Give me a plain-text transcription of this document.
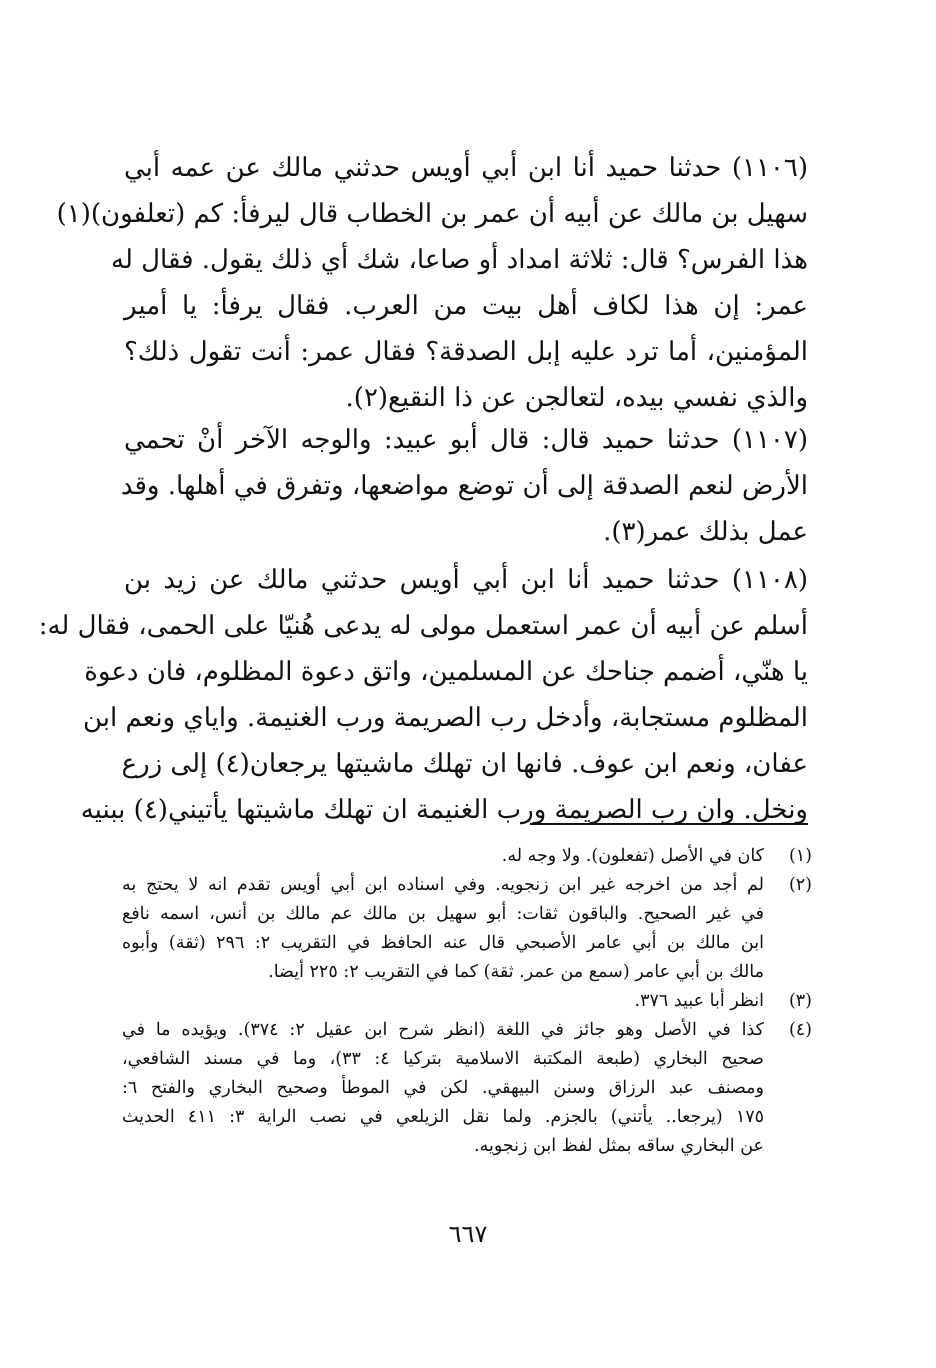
(١١٠٦) حدثنا حميد أنا ابن أبي أويس حدثني مالك عن عمه أبي
سهيل بن مالك عن أبيه أن عمر بن الخطاب قال ليرفأ: كم (تعلفون)(١)
هذا الفرس؟ قال: ثلاثة امداد أو صاعا، شك أي ذلك يقول. فقال له
عمر: إن هذا لكاف أهل بيت من العرب. فقال يرفأ: يا أمير
المؤمنين، أما ترد عليه إبل الصدقة؟ فقال عمر: أنت تقول ذلك؟
والذي نفسي بيده، لتعالجن عن ذا النقيع(٢).
(١١٠٧) حدثنا حميد قال: قال أبو عبيد: والوجه الآخر أنْ تحمي
الأرض لنعم الصدقة إلى أن توضع مواضعها، وتفرق في أهلها. وقد
عمل بذلك عمر(٣).
(١١٠٨) حدثنا حميد أنا ابن أبي أويس حدثني مالك عن زيد بن
أسلم عن أبيه أن عمر استعمل مولى له يدعى هُنيّا على الحمى، فقال له:
يا هنّي، أضمم جناحك عن المسلمين، واتق دعوة المظلوم، فان دعوة
المظلوم مستجابة، وأدخل رب الصريمة ورب الغنيمة. واياي ونعم ابن
عفان، ونعم ابن عوف. فانها ان تهلك ماشيتها يرجعان(٤) إلى زرع
ونخل. وان رب الصريمة ورب الغنيمة ان تهلك ماشيتها يأتيني(٤) ببنيه
(١)
كان في الأصل (تفعلون). ولا وجه له.
(٢)
لم أجد من اخرجه غير ابن زنجويه. وفي اسناده ابن أبي أويس تقدم انه لا يحتج به
في غير الصحيح. والباقون ثقات: أبو سهيل بن مالك عم مالك بن أنس، اسمه نافع
ابن مالك بن أبي عامر الأصبحي قال عنه الحافظ في التقريب ٢: ٢٩٦ (ثقة) وأبوه
مالك بن أبي عامر (سمع من عمر. ثقة) كما في التقريب ٢: ٢٢٥ أيضا.
(٣)
انظر أبا عبيد ٣٧٦.
(٤)
كذا في الأصل وهو جائز في اللغة (انظر شرح ابن عقيل ٢: ٣٧٤). ويؤيده ما في
صحيح البخاري (طبعة المكتبة الاسلامية بتركيا ٤: ٣٣)، وما في مسند الشافعي،
ومصنف عبد الرزاق وسنن البيهقي. لكن في الموطأ وصحيح البخاري والفتح ٦:
١٧٥ (يرجعا.. يأتني) بالجزم. ولما نقل الزيلعي في نصب الراية ٣: ٤١١ الحديث
عن البخاري ساقه بمثل لفظ ابن زنجويه.
٦٦٧
